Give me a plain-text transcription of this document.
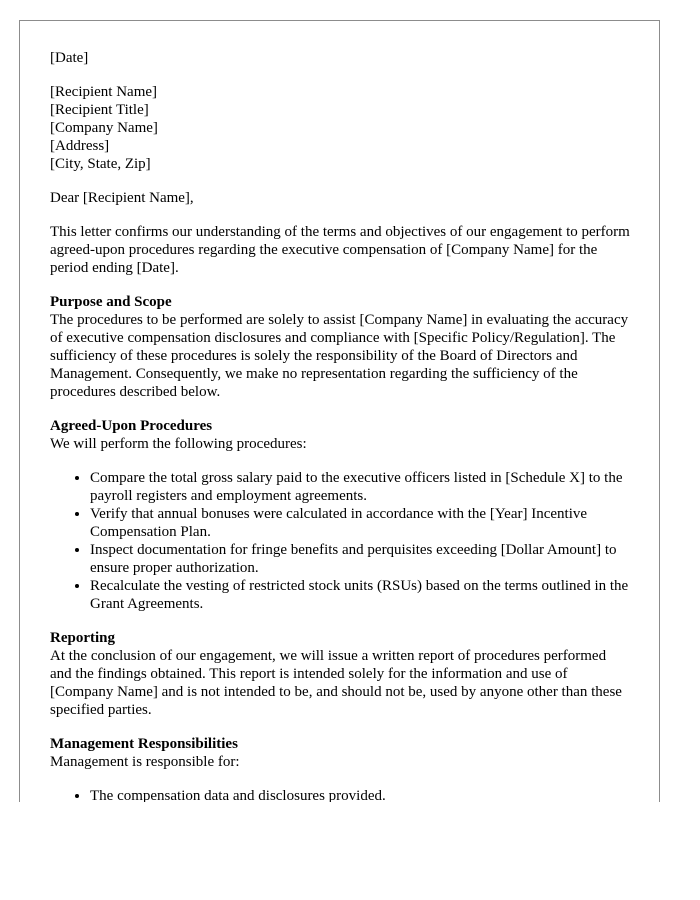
[Date]
[Recipient Name]
[Recipient Title]
[Company Name]
[Address]
[City, State, Zip]

Dear [Recipient Name],

This letter confirms our understanding of the terms and objectives of our engagement to perform agreed-upon procedures regarding the executive compensation of [Company Name] for the period ending [Date].

Purpose and Scope
The procedures to be performed are solely to assist [Company Name] in evaluating the accuracy of executive compensation disclosures and compliance with [Specific Policy/Regulation]. The sufficiency of these procedures is solely the responsibility of the Board of Directors and Management. Consequently, we make no representation regarding the sufficiency of the procedures described below.
Agreed-Upon Procedures
We will perform the following procedures:
• Compare the total gross salary paid to the executive officers listed in [Schedule X] to the payroll registers and employment agreements.
• Verify that annual bonuses were calculated in accordance with the [Year] Incentive Compensation Plan.
• Inspect documentation for fringe benefits and perquisites exceeding [Dollar Amount] to ensure proper authorization.
• Recalculate the vesting of restricted stock units (RSUs) based on the terms outlined in the Grant Agreements.
Reporting
At the conclusion of our engagement, we will issue a written report of procedures performed and the findings obtained. This report is intended solely for the information and use of [Company Name] and is not intended to be, and should not be, used by anyone other than these specified parties.
Management Responsibilities
Management is responsible for:
• The compensation data and disclosures provided.
